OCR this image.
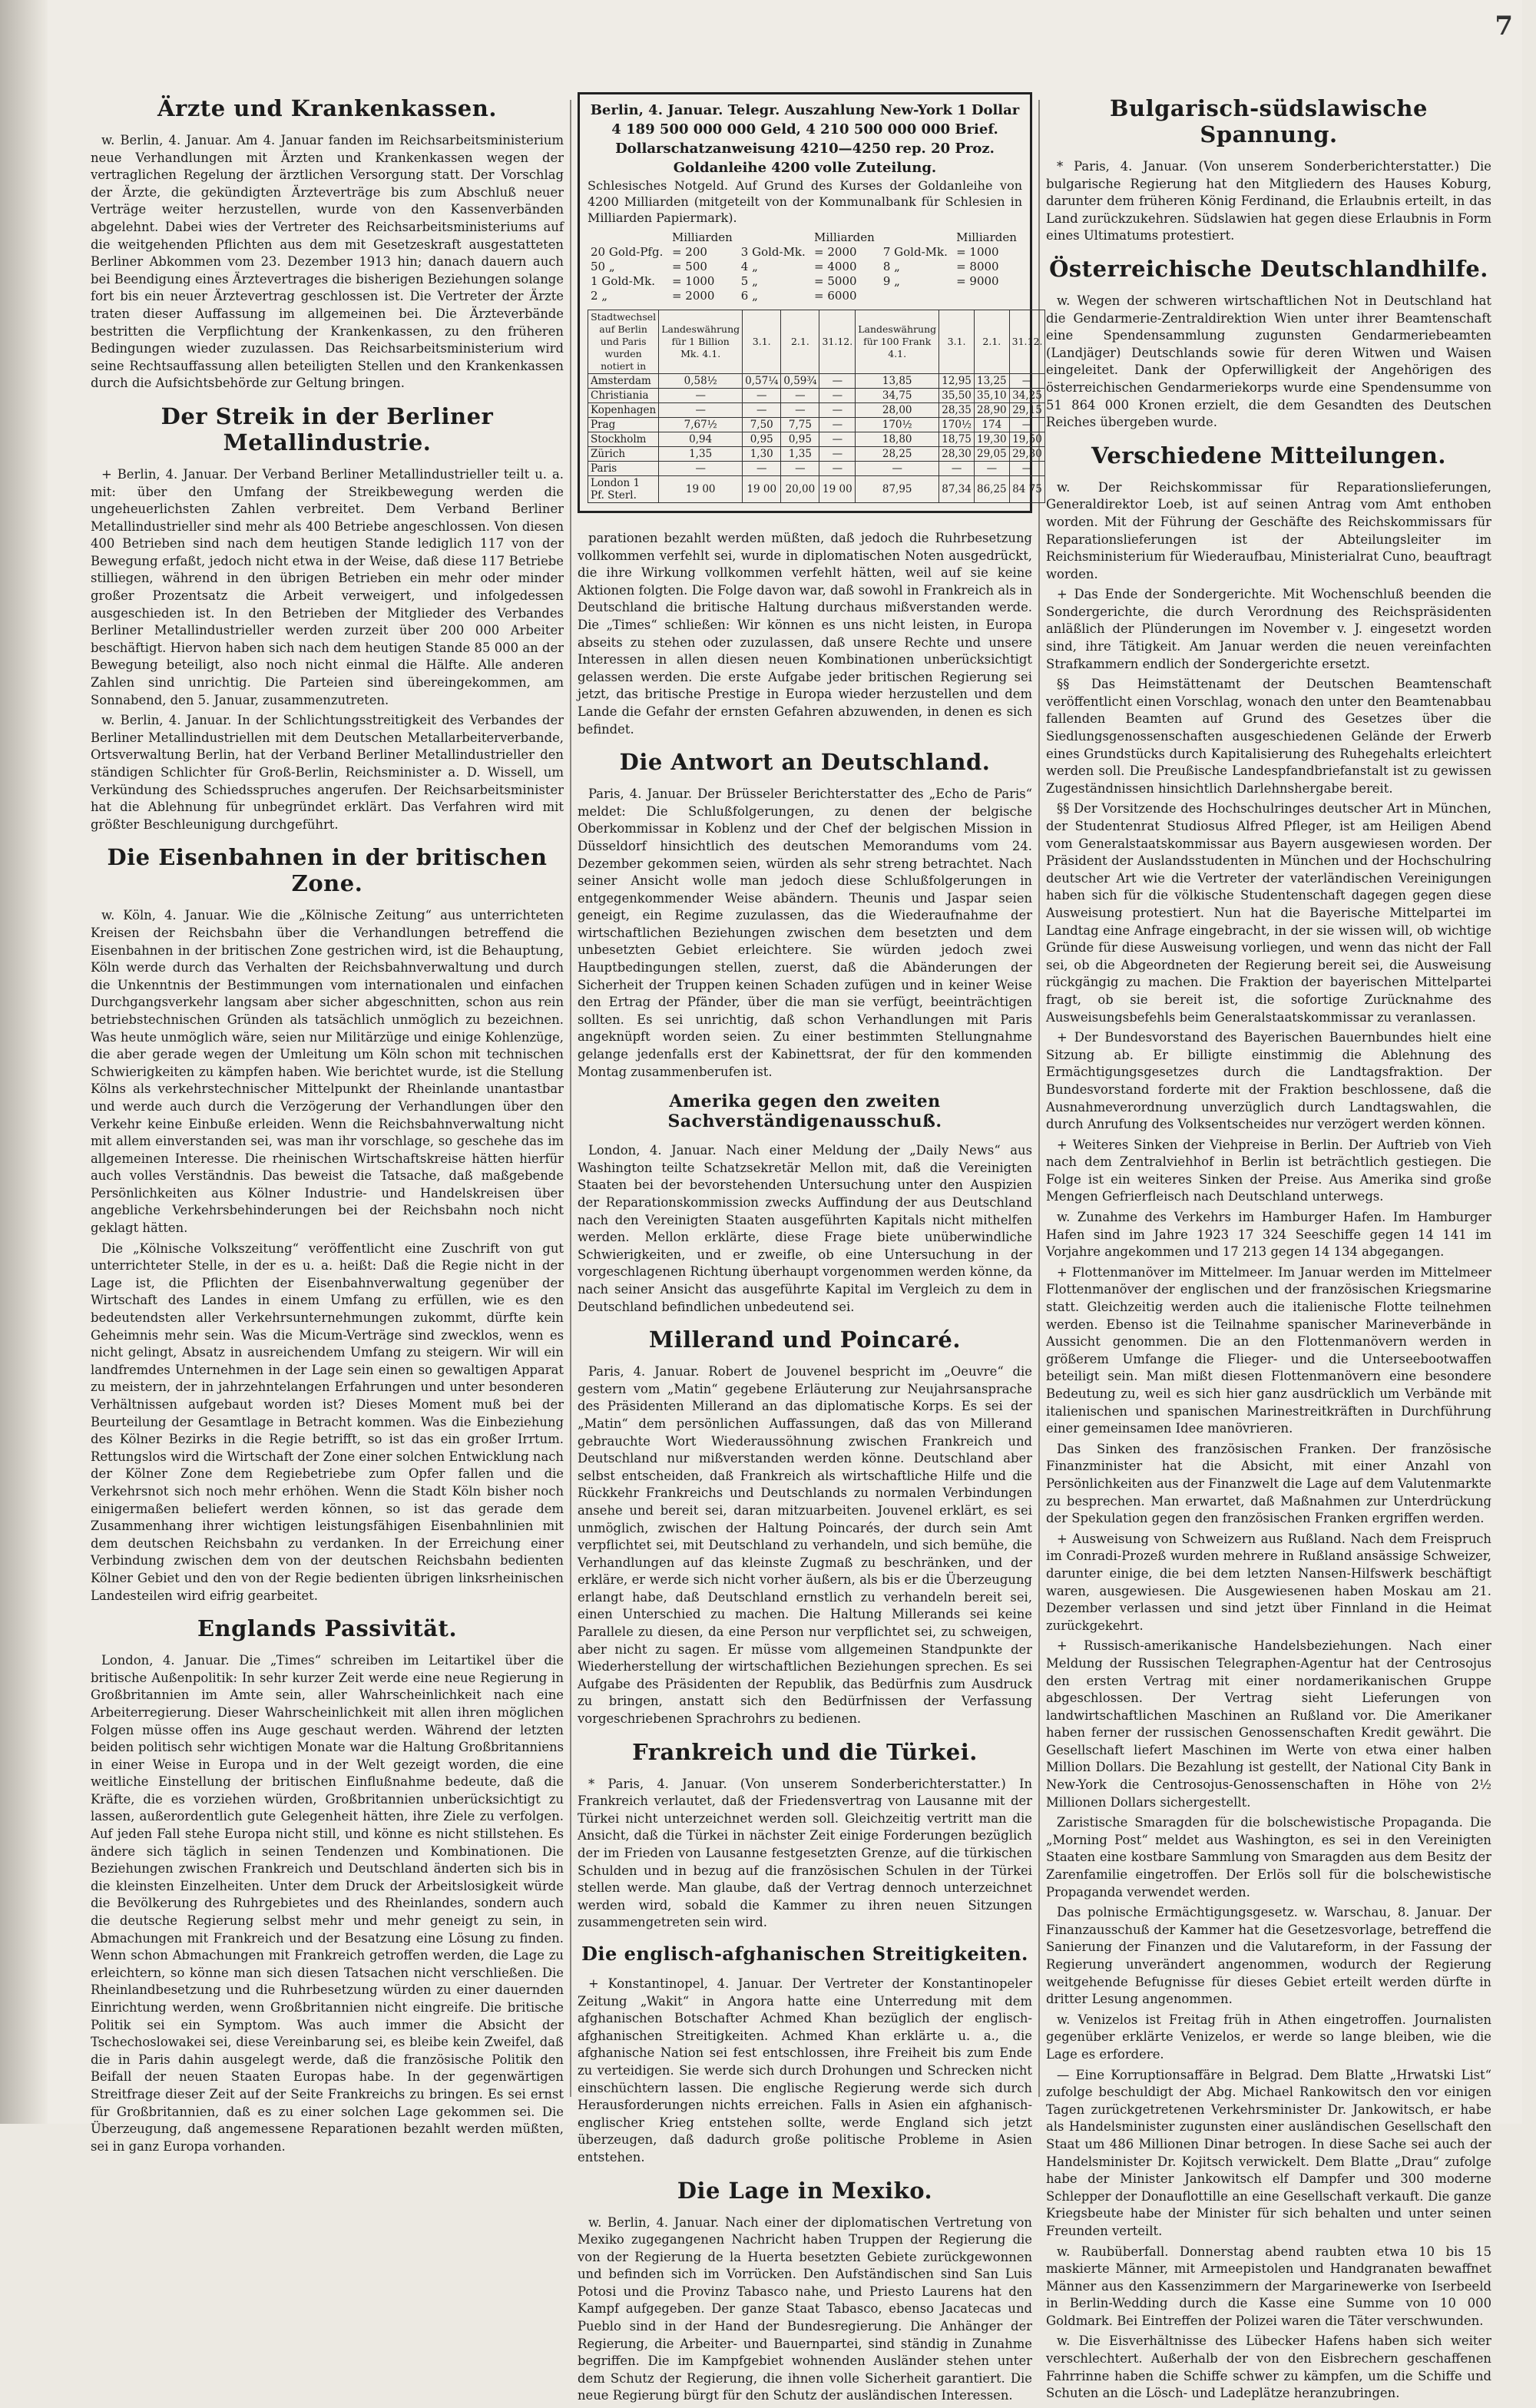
7
Ärzte und Krankenkassen.

w. Berlin, 4. Januar. Am 4. Januar fanden im Reichsarbeitsministerium neue Verhandlungen mit Ärzten und Krankenkassen wegen der vertraglichen Regelung der ärztlichen Versorgung statt. Der Vorschlag der Ärzte, die gekündigten Ärzteverträge bis zum Abschluß neuer Verträge weiter herzustellen, wurde von den Kassenverbänden abgelehnt. Dabei wies der Vertreter des Reichsarbeitsministeriums auf die weitgehenden Pflichten aus dem mit Gesetzeskraft ausgestatteten Berliner Abkommen vom 23. Dezember 1913 hin; danach dauern auch bei Beendigung eines Ärztevertrages die bisherigen Beziehungen solange fort bis ein neuer Ärztevertrag geschlossen ist. Die Vertreter der Ärzte traten dieser Auffassung im allgemeinen bei. Die Ärzteverbände bestritten die Verpflichtung der Krankenkassen, zu den früheren Bedingungen wieder zuzulassen. Das Reichsarbeitsministerium wird seine Rechtsauffassung allen beteiligten Stellen und den Krankenkassen durch die Aufsichtsbehörde zur Geltung bringen.

Der Streik in der Berliner Metallindustrie.

+ Berlin, 4. Januar. Der Verband Berliner Metallindustrieller teilt u. a. mit: über den Umfang der Streikbewegung werden die ungeheuerlichsten Zahlen verbreitet. Dem Verband Berliner Metallindustrieller sind mehr als 400 Betriebe angeschlossen. Von diesen 400 Betrieben sind nach dem heutigen Stande lediglich 117 von der Bewegung erfaßt, jedoch nicht etwa in der Weise, daß diese 117 Betriebe stilliegen, während in den übrigen Betrieben ein mehr oder minder großer Prozentsatz die Arbeit verweigert, und infolgedessen ausgeschieden ist. In den Betrieben der Mitglieder des Verbandes Berliner Metallindustrieller werden zurzeit über 200 000 Arbeiter beschäftigt. Hiervon haben sich nach dem heutigen Stande 85 000 an der Bewegung beteiligt, also noch nicht einmal die Hälfte. Alle anderen Zahlen sind unrichtig. Die Parteien sind übereingekommen, am Sonnabend, den 5. Januar, zusammenzutreten.

w. Berlin, 4. Januar. In der Schlichtungsstreitigkeit des Verbandes der Berliner Metallindustriellen mit dem Deutschen Metallarbeiterverbande, Ortsverwaltung Berlin, hat der Verband Berliner Metallindustrieller den ständigen Schlichter für Groß-Berlin, Reichsminister a. D. Wissell, um Verkündung des Schiedsspruches angerufen. Der Reichsarbeitsminister hat die Ablehnung für unbegründet erklärt. Das Verfahren wird mit größter Beschleunigung durchgeführt.

Die Eisenbahnen in der britischen Zone.

w. Köln, 4. Januar. Wie die „Kölnische Zeitung“ aus unterrichteten Kreisen der Reichsbahn über die Verhandlungen betreffend die Eisenbahnen in der britischen Zone gestrichen wird, ist die Behauptung, Köln werde durch das Verhalten der Reichsbahnverwaltung und durch die Unkenntnis der Bestimmungen vom internationalen und einfachen Durchgangsverkehr langsam aber sicher abgeschnitten, schon aus rein betriebstechnischen Gründen als tatsächlich unmöglich zu bezeichnen. Was heute unmöglich wäre, seien nur Militärzüge und einige Kohlenzüge, die aber gerade wegen der Umleitung um Köln schon mit technischen Schwierigkeiten zu kämpfen haben. Wie berichtet wurde, ist die Stellung Kölns als verkehrstechnischer Mittelpunkt der Rheinlande unantastbar und werde auch durch die Verzögerung der Verhandlungen über den Verkehr keine Einbuße erleiden. Wenn die Reichsbahnverwaltung nicht mit allem einverstanden sei, was man ihr vorschlage, so geschehe das im allgemeinen Interesse. Die rheinischen Wirtschaftskreise hätten hierfür auch volles Verständnis. Das beweist die Tatsache, daß maßgebende Persönlichkeiten aus Kölner Industrie- und Handelskreisen über angebliche Verkehrsbehinderungen bei der Reichsbahn noch nicht geklagt hätten.

Die „Kölnische Volkszeitung“ veröffentlicht eine Zuschrift von gut unterrichteter Stelle, in der es u. a. heißt: Daß die Regie nicht in der Lage ist, die Pflichten der Eisenbahnverwaltung gegenüber der Wirtschaft des Landes in einem Umfang zu erfüllen, wie es den bedeutendsten aller Verkehrsunternehmungen zukommt, dürfte kein Geheimnis mehr sein. Was die Micum-Verträge sind zwecklos, wenn es nicht gelingt, Absatz in ausreichendem Umfang zu steigern. Wir will ein landfremdes Unternehmen in der Lage sein einen so gewaltigen Apparat zu meistern, der in jahrzehntelangen Erfahrungen und unter besonderen Verhältnissen aufgebaut worden ist? Dieses Moment muß bei der Beurteilung der Gesamtlage in Betracht kommen. Was die Einbeziehung des Kölner Bezirks in die Regie betrifft, so ist das ein großer Irrtum. Rettungslos wird die Wirtschaft der Zone einer solchen Entwicklung nach der Kölner Zone dem Regiebetriebe zum Opfer fallen und die Verkehrsnot sich noch mehr erhöhen. Wenn die Stadt Köln bisher noch einigermaßen beliefert werden können, so ist das gerade dem Zusammenhang ihrer wichtigen leistungsfähigen Eisenbahnlinien mit dem deutschen Reichsbahn zu verdanken. In der Erreichung einer Verbindung zwischen dem von der deutschen Reichsbahn bedienten Kölner Gebiet und den von der Regie bedienten übrigen linksrheinischen Landesteilen wird eifrig gearbeitet.

Englands Passivität.

London, 4. Januar. Die „Times“ schreiben im Leitartikel über die britische Außenpolitik: In sehr kurzer Zeit werde eine neue Regierung in Großbritannien im Amte sein, aller Wahrscheinlichkeit nach eine Arbeiterregierung. Dieser Wahrscheinlichkeit mit allen ihren möglichen Folgen müsse offen ins Auge geschaut werden. Während der letzten beiden politisch sehr wichtigen Monate war die Haltung Großbritanniens in einer Weise in Europa und in der Welt gezeigt worden, die eine weitliche Einstellung der britischen Einflußnahme bedeute, daß die Kräfte, die es vorziehen würden, Großbritannien unberücksichtigt zu lassen, außerordentlich gute Gelegenheit hätten, ihre Ziele zu verfolgen. Auf jeden Fall stehe Europa nicht still, und könne es nicht stillstehen. Es ändere sich täglich in seinen Tendenzen und Kombinationen. Die Beziehungen zwischen Frankreich und Deutschland änderten sich bis in die kleinsten Einzelheiten. Unter dem Druck der Arbeitslosigkeit würde die Bevölkerung des Ruhrgebietes und des Rheinlandes, sondern auch die deutsche Regierung selbst mehr und mehr geneigt zu sein, in Abmachungen mit Frankreich und der Besatzung eine Lösung zu finden. Wenn schon Abmachungen mit Frankreich getroffen werden, die Lage zu erleichtern, so könne man sich diesen Tatsachen nicht verschließen. Die Rheinlandbesetzung und die Ruhrbesetzung würden zu einer dauernden Einrichtung werden, wenn Großbritannien nicht eingreife. Die britische Politik sei ein Symptom. Was auch immer die Absicht der Tschechoslowakei sei, diese Vereinbarung sei, es bleibe kein Zweifel, daß die in Paris dahin ausgelegt werde, daß die französische Politik den Beifall der neuen Staaten Europas habe. In der gegenwärtigen Streitfrage dieser Zeit auf der Seite Frankreichs zu bringen. Es sei ernst für Großbritannien, daß es zu einer solchen Lage gekommen sei. Die Überzeugung, daß angemessene Reparationen bezahlt werden müßten, sei in ganz Europa vorhanden.

Berlin, 4. Januar. Telegr. Auszahlung New-York 1 Dollar 4 189 500 000 000 Geld, 4 210 500 000 000 Brief. Dollarschatzanweisung 4210—4250 rep. 20 Proz. Goldanleihe 4200 volle Zuteilung.
Schlesisches Notgeld. Auf Grund des Kurses der Goldanleihe von 4200 Milliarden (mitgeteilt von der Kommunalbank für Schlesien in Milliarden Papiermark).
	Milliarden		Milliarden		Milliarden
20 Gold-Pfg.	= 200	3 Gold-Mk.	= 2000	7 Gold-Mk.	= 1000
50 „	= 500	4 „	= 4000	8 „	= 8000
1 Gold-Mk.	= 1000	5 „	= 5000	9 „	= 9000
2 „	= 2000	6 „	= 6000		
Stadtwechsel auf Berlin und Paris wurden notiert in	Landeswährung für 1 Billion Mk. 4.1.	3.1.	2.1.	31.12.	Landeswährung für 100 Frank 4.1.	3.1.	2.1.	31.12.
Amsterdam	0,58½	0,57¼	0,59¾	—	13,85	12,95	13,25	—
Christiania	—	—	—	—	34,75	35,50	35,10	34,25
Kopenhagen	—	—	—	—	28,00	28,35	28,90	29,15
Prag	7,67½	7,50	7,75	—	170½	170½	174	—
Stockholm	0,94	0,95	0,95	—	18,80	18,75	19,30	19,50
Zürich	1,35	1,30	1,35	—	28,25	28,30	29,05	29,30
Paris	—	—	—	—	—	—	—	—
London 1 Pf. Sterl.	19 00	19 00	20,00	19 00	87,95	87,34	86,25	84 75

parationen bezahlt werden müßten, daß jedoch die Ruhrbesetzung vollkommen verfehlt sei, wurde in diplomatischen Noten ausgedrückt, die ihre Wirkung vollkommen verfehlt hätten, weil auf sie keine Aktionen folgten. Die Folge davon war, daß sowohl in Frankreich als in Deutschland die britische Haltung durchaus mißverstanden werde. Die „Times“ schließen: Wir können es uns nicht leisten, in Europa abseits zu stehen oder zuzulassen, daß unsere Rechte und unsere Interessen in allen diesen neuen Kombinationen unberücksichtigt gelassen werden. Die erste Aufgabe jeder britischen Regierung sei jetzt, das britische Prestige in Europa wieder herzustellen und dem Lande die Gefahr der ernsten Gefahren abzuwenden, in denen es sich befindet.

Die Antwort an Deutschland.

Paris, 4. Januar. Der Brüsseler Berichterstatter des „Echo de Paris“ meldet: Die Schlußfolgerungen, zu denen der belgische Oberkommissar in Koblenz und der Chef der belgischen Mission in Düsseldorf hinsichtlich des deutschen Memorandums vom 24. Dezember gekommen seien, würden als sehr streng betrachtet. Nach seiner Ansicht wolle man jedoch diese Schlußfolgerungen in entgegenkommender Weise abändern. Theunis und Jaspar seien geneigt, ein Regime zuzulassen, das die Wiederaufnahme der wirtschaftlichen Beziehungen zwischen dem besetzten und dem unbesetzten Gebiet erleichtere. Sie würden jedoch zwei Hauptbedingungen stellen, zuerst, daß die Abänderungen der Sicherheit der Truppen keinen Schaden zufügen und in keiner Weise den Ertrag der Pfänder, über die man sie verfügt, beeinträchtigen sollten. Es sei unrichtig, daß schon Verhandlungen mit Paris angeknüpft worden seien. Zu einer bestimmten Stellungnahme gelange jedenfalls erst der Kabinettsrat, der für den kommenden Montag zusammenberufen ist.

Amerika gegen den zweiten Sachverständigenausschuß.

London, 4. Januar. Nach einer Meldung der „Daily News“ aus Washington teilte Schatzsekretär Mellon mit, daß die Vereinigten Staaten bei der bevorstehenden Untersuchung unter den Auspizien der Reparationskommission zwecks Auffindung der aus Deutschland nach den Vereinigten Staaten ausgeführten Kapitals nicht mithelfen werden. Mellon erklärte, diese Frage biete unüberwindliche Schwierigkeiten, und er zweifle, ob eine Untersuchung in der vorgeschlagenen Richtung überhaupt vorgenommen werden könne, da nach seiner Ansicht das ausgeführte Kapital im Vergleich zu dem in Deutschland befindlichen unbedeutend sei.

Millerand und Poincaré.

Paris, 4. Januar. Robert de Jouvenel bespricht im „Oeuvre“ die gestern vom „Matin“ gegebene Erläuterung zur Neujahrsansprache des Präsidenten Millerand an das diplomatische Korps. Es sei der „Matin“ dem persönlichen Auffassungen, daß das von Millerand gebrauchte Wort Wiederaussöhnung zwischen Frankreich und Deutschland nur mißverstanden werden könne. Deutschland aber selbst entscheiden, daß Frankreich als wirtschaftliche Hilfe und die Rückkehr Frankreichs und Deutschlands zu normalen Verbindungen ansehe und bereit sei, daran mitzuarbeiten. Jouvenel erklärt, es sei unmöglich, zwischen der Haltung Poincarés, der durch sein Amt verpflichtet sei, mit Deutschland zu verhandeln, und sich bemühe, die Verhandlungen auf das kleinste Zugmaß zu beschränken, und der erkläre, er werde sich nicht vorher äußern, als bis er die Überzeugung erlangt habe, daß Deutschland ernstlich zu verhandeln bereit sei, einen Unterschied zu machen. Die Haltung Millerands sei keine Parallele zu diesen, da eine Person nur verpflichtet sei, zu schweigen, aber nicht zu sagen. Er müsse vom allgemeinen Standpunkte der Wiederherstellung der wirtschaftlichen Beziehungen sprechen. Es sei Aufgabe des Präsidenten der Republik, das Bedürfnis zum Ausdruck zu bringen, anstatt sich den Bedürfnissen der Verfassung vorgeschriebenen Sprachrohrs zu bedienen.

Frankreich und die Türkei.

* Paris, 4. Januar. (Von unserem Sonderberichterstatter.) In Frankreich verlautet, daß der Friedensvertrag von Lausanne mit der Türkei nicht unterzeichnet werden soll. Gleichzeitig vertritt man die Ansicht, daß die Türkei in nächster Zeit einige Forderungen bezüglich der im Frieden von Lausanne festgesetzten Grenze, auf die türkischen Schulden und in bezug auf die französischen Schulen in der Türkei stellen werde. Man glaube, daß der Vertrag dennoch unterzeichnet werden wird, sobald die Kammer zu ihren neuen Sitzungen zusammengetreten sein wird.

Die englisch-afghanischen Streitigkeiten.

+ Konstantinopel, 4. Januar. Der Vertreter der Konstantinopeler Zeitung „Wakit“ in Angora hatte eine Unterredung mit dem afghanischen Botschafter Achmed Khan bezüglich der englisch-afghanischen Streitigkeiten. Achmed Khan erklärte u. a., die afghanische Nation sei fest entschlossen, ihre Freiheit bis zum Ende zu verteidigen. Sie werde sich durch Drohungen und Schrecken nicht einschüchtern lassen. Die englische Regierung werde sich durch Herausforderungen nichts erreichen. Falls in Asien ein afghanisch-englischer Krieg entstehen sollte, werde England sich jetzt überzeugen, daß dadurch große politische Probleme in Asien entstehen.

Die Lage in Mexiko.

w. Berlin, 4. Januar. Nach einer der diplomatischen Vertretung von Mexiko zugegangenen Nachricht haben Truppen der Regierung die von der Regierung de la Huerta besetzten Gebiete zurückgewonnen und befinden sich im Vorrücken. Den Aufständischen sind San Luis Potosi und die Provinz Tabasco nahe, und Priesto Laurens hat den Kampf aufgegeben. Der ganze Staat Tabasco, ebenso Jacatecas und Pueblo sind in der Hand der Bundesregierung. Die Anhänger der Regierung, die Arbeiter- und Bauernpartei, sind ständig in Zunahme begriffen. Die im Kampfgebiet wohnenden Ausländer stehen unter dem Schutz der Regierung, die ihnen volle Sicherheit garantiert. Die neue Regierung bürgt für den Schutz der ausländischen Interessen.

Bulgarisch-südslawische Spannung.

* Paris, 4. Januar. (Von unserem Sonderberichterstatter.) Die bulgarische Regierung hat den Mitgliedern des Hauses Koburg, darunter dem früheren König Ferdinand, die Erlaubnis erteilt, in das Land zurückzukehren. Südslawien hat gegen diese Erlaubnis in Form eines Ultimatums protestiert.

Österreichische Deutschlandhilfe.

w. Wegen der schweren wirtschaftlichen Not in Deutschland hat die Gendarmerie-Zentraldirektion Wien unter ihrer Beamtenschaft eine Spendensammlung zugunsten Gendarmeriebeamten (Landjäger) Deutschlands sowie für deren Witwen und Waisen eingeleitet. Dank der Opferwilligkeit der Angehörigen des österreichischen Gendarmeriekorps wurde eine Spendensumme von 51 864 000 Kronen erzielt, die dem Gesandten des Deutschen Reiches übergeben wurde.

Verschiedene Mitteilungen.

w. Der Reichskommissar für Reparationslieferungen, Generaldirektor Loeb, ist auf seinen Antrag vom Amt enthoben worden. Mit der Führung der Geschäfte des Reichskommissars für Reparationslieferungen ist der Abteilungsleiter im Reichsministerium für Wiederaufbau, Ministerialrat Cuno, beauftragt worden.

+ Das Ende der Sondergerichte. Mit Wochenschluß beenden die Sondergerichte, die durch Verordnung des Reichspräsidenten anläßlich der Plünderungen im November v. J. eingesetzt worden sind, ihre Tätigkeit. Am Januar werden die neuen vereinfachten Strafkammern endlich der Sondergerichte ersetzt.

§§ Das Heimstättenamt der Deutschen Beamtenschaft veröffentlicht einen Vorschlag, wonach den unter den Beamtenabbau fallenden Beamten auf Grund des Gesetzes über die Siedlungsgenossenschaften ausgeschiedenen Gelände der Erwerb eines Grundstücks durch Kapitalisierung des Ruhegehalts erleichtert werden soll. Die Preußische Landespfandbriefanstalt ist zu gewissen Zugeständnissen hinsichtlich Darlehnshergabe bereit.

§§ Der Vorsitzende des Hochschulringes deutscher Art in München, der Studentenrat Studiosus Alfred Pfleger, ist am Heiligen Abend vom Generalstaatskommissar aus Bayern ausgewiesen worden. Der Präsident der Auslandsstudenten in München und der Hochschulring deutscher Art wie die Vertreter der vaterländischen Vereinigungen haben sich für die völkische Studentenschaft dagegen gegen diese Ausweisung protestiert. Nun hat die Bayerische Mittelpartei im Landtag eine Anfrage eingebracht, in der sie wissen will, ob wichtige Gründe für diese Ausweisung vorliegen, und wenn das nicht der Fall sei, ob die Abgeordneten der Regierung bereit sei, die Ausweisung rückgängig zu machen. Die Fraktion der bayerischen Mittelpartei fragt, ob sie bereit ist, die sofortige Zurücknahme des Ausweisungsbefehls beim Generalstaatskommissar zu veranlassen.

+ Der Bundesvorstand des Bayerischen Bauernbundes hielt eine Sitzung ab. Er billigte einstimmig die Ablehnung des Ermächtigungsgesetzes durch die Landtagsfraktion. Der Bundesvorstand forderte mit der Fraktion beschlossene, daß die Ausnahmeverordnung unverzüglich durch Landtagswahlen, die durch Anrufung des Volksentscheides nur verzögert werden können.

+ Weiteres Sinken der Viehpreise in Berlin. Der Auftrieb von Vieh nach dem Zentralviehhof in Berlin ist beträchtlich gestiegen. Die Folge ist ein weiteres Sinken der Preise. Aus Amerika sind große Mengen Gefrierfleisch nach Deutschland unterwegs.

w. Zunahme des Verkehrs im Hamburger Hafen. Im Hamburger Hafen sind im Jahre 1923 17 324 Seeschiffe gegen 14 141 im Vorjahre angekommen und 17 213 gegen 14 134 abgegangen.

+ Flottenmanöver im Mittelmeer. Im Januar werden im Mittelmeer Flottenmanöver der englischen und der französischen Kriegsmarine statt. Gleichzeitig werden auch die italienische Flotte teilnehmen werden. Ebenso ist die Teilnahme spanischer Marineverbände in Aussicht genommen. Die an den Flottenmanövern werden in größerem Umfange die Flieger- und die Unterseebootwaffen beteiligt sein. Man mißt diesen Flottenmanövern eine besondere Bedeutung zu, weil es sich hier ganz ausdrücklich um Verbände mit italienischen und spanischen Marinestreitkräften in Durchführung einer gemeinsamen Idee manövrieren.

Das Sinken des französischen Franken. Der französische Finanzminister hat die Absicht, mit einer Anzahl von Persönlichkeiten aus der Finanzwelt die Lage auf dem Valutenmarkte zu besprechen. Man erwartet, daß Maßnahmen zur Unterdrückung der Spekulation gegen den französischen Franken ergriffen werden.

+ Ausweisung von Schweizern aus Rußland. Nach dem Freispruch im Conradi-Prozeß wurden mehrere in Rußland ansässige Schweizer, darunter einige, die bei dem letzten Nansen-Hilfswerk beschäftigt waren, ausgewiesen. Die Ausgewiesenen haben Moskau am 21. Dezember verlassen und sind jetzt über Finnland in die Heimat zurückgekehrt.

+ Russisch-amerikanische Handelsbeziehungen. Nach einer Meldung der Russischen Telegraphen-Agentur hat der Centrosojus den ersten Vertrag mit einer nordamerikanischen Gruppe abgeschlossen. Der Vertrag sieht Lieferungen von landwirtschaftlichen Maschinen an Rußland vor. Die Amerikaner haben ferner der russischen Genossenschaften Kredit gewährt. Die Gesellschaft liefert Maschinen im Werte von etwa einer halben Million Dollars. Die Bezahlung ist gestellt, der National City Bank in New-York die Centrosojus-Genossenschaften in Höhe von 2½ Millionen Dollars sichergestellt.

Zaristische Smaragden für die bolschewistische Propaganda. Die „Morning Post“ meldet aus Washington, es sei in den Vereinigten Staaten eine kostbare Sammlung von Smaragden aus dem Besitz der Zarenfamilie eingetroffen. Der Erlös soll für die bolschewistische Propaganda verwendet werden.

Das polnische Ermächtigungsgesetz. w. Warschau, 8. Januar. Der Finanzausschuß der Kammer hat die Gesetzesvorlage, betreffend die Sanierung der Finanzen und die Valutareform, in der Fassung der Regierung unverändert angenommen, wodurch der Regierung weitgehende Befugnisse für dieses Gebiet erteilt werden dürfte in dritter Lesung angenommen.

w. Venizelos ist Freitag früh in Athen eingetroffen. Journalisten gegenüber erklärte Venizelos, er werde so lange bleiben, wie die Lage es erfordere.

— Eine Korruptionsaffäre in Belgrad. Dem Blatte „Hrwatski List“ zufolge beschuldigt der Abg. Michael Rankowitsch den vor einigen Tagen zurückgetretenen Verkehrsminister Dr. Jankowitsch, er habe als Handelsminister zugunsten einer ausländischen Gesellschaft den Staat um 486 Millionen Dinar betrogen. In diese Sache sei auch der Handelsminister Dr. Kojitsch verwickelt. Dem Blatte „Drau“ zufolge habe der Minister Jankowitsch elf Dampfer und 300 moderne Schlepper der Donauflottille an eine Gesellschaft verkauft. Die ganze Kriegsbeute habe der Minister für sich behalten und unter seinen Freunden verteilt.

w. Raubüberfall. Donnerstag abend raubten etwa 10 bis 15 maskierte Männer, mit Armeepistolen und Handgranaten bewaffnet Männer aus den Kassenzimmern der Margarinewerke von Iserbeeld in Berlin-Wedding durch die Kasse eine Summe von 10 000 Goldmark. Bei Eintreffen der Polizei waren die Täter verschwunden.

w. Die Eisverhältnisse des Lübecker Hafens haben sich weiter verschlechtert. Außerhalb der von den Eisbrechern geschaffenen Fahrrinne haben die Schiffe schwer zu kämpfen, um die Schiffe und Schuten an die Lösch- und Ladeplätze heranzubringen.
